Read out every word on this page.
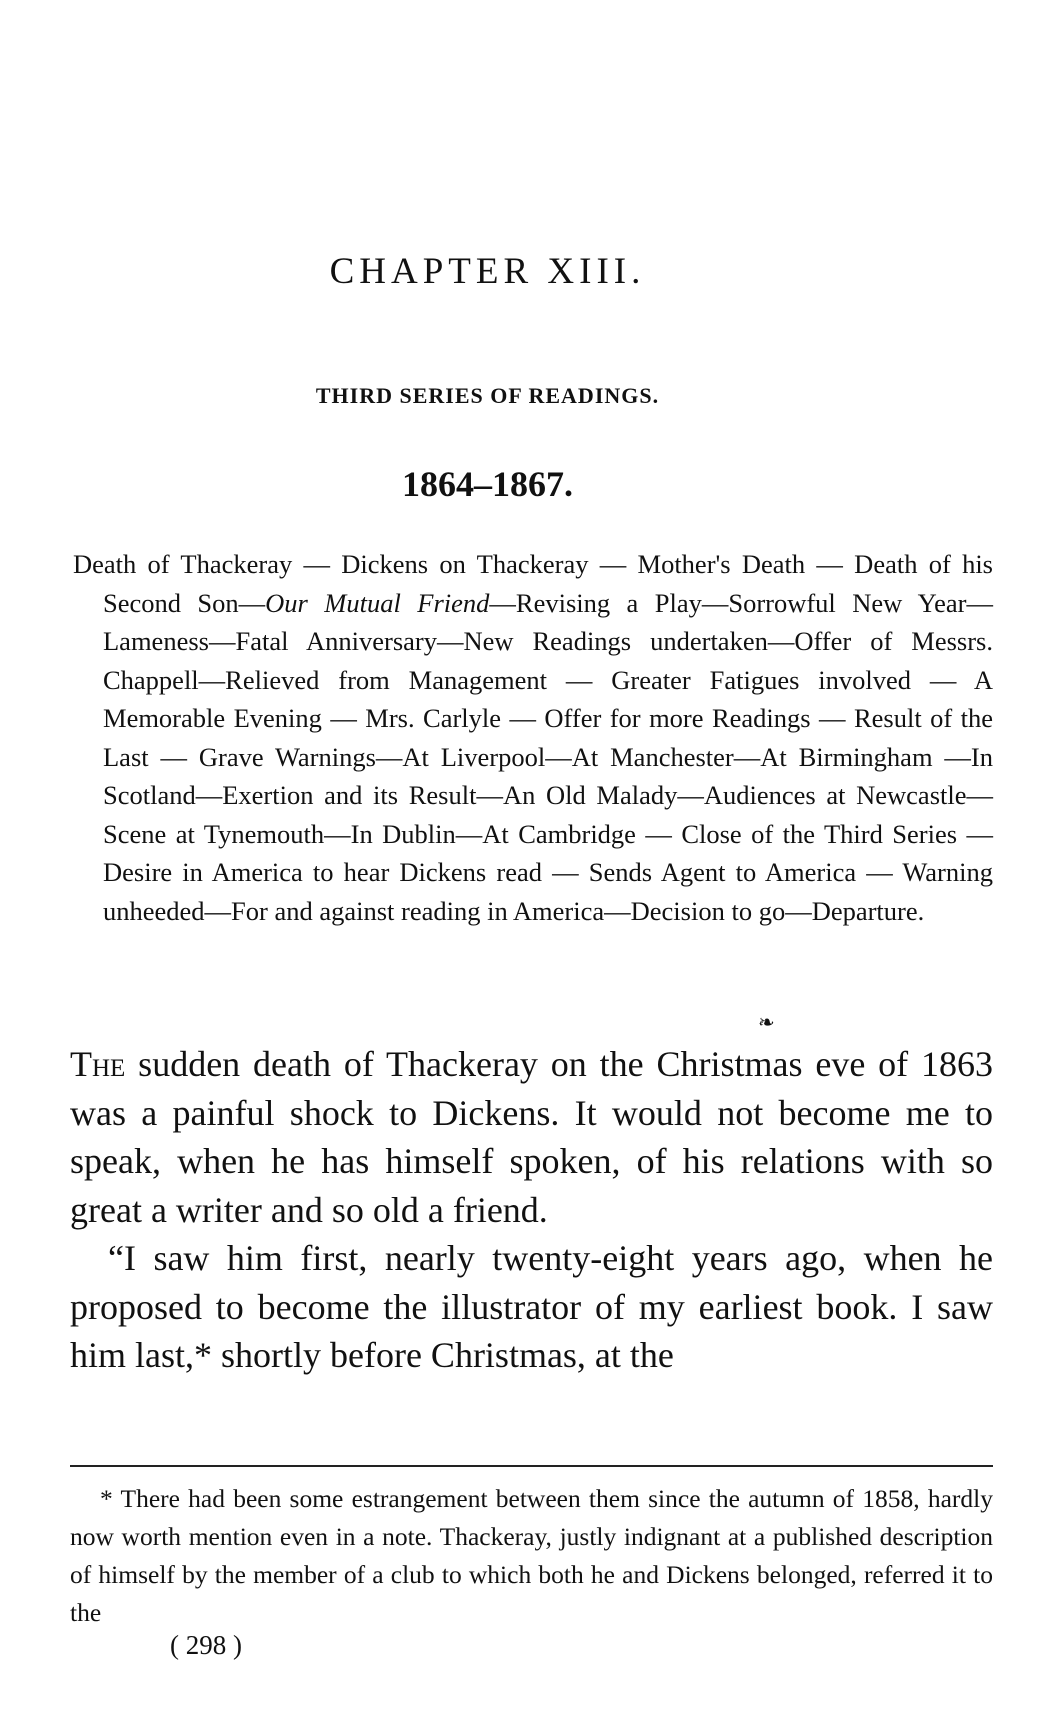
CHAPTER XIII.
THIRD SERIES OF READINGS.
1864–1867.
Death of Thackeray — Dickens on Thackeray — Mother's Death — Death of his Second Son—Our Mutual Friend—Revising a Play—Sorrowful New Year—Lameness—Fatal Anniversary—New Readings undertaken—Offer of Messrs. Chappell—Relieved from Management — Greater Fatigues involved — A Memorable Evening — Mrs. Carlyle — Offer for more Readings — Result of the Last — Grave Warnings—At Liverpool—At Manchester—At Birmingham —In Scotland—Exertion and its Result—An Old Malady—Audiences at Newcastle—Scene at Tynemouth—In Dublin—At Cambridge — Close of the Third Series — Desire in America to hear Dickens read — Sends Agent to America — Warning unheeded—For and against reading in America—Decision to go—Departure.
❧

The sudden death of Thackeray on the Christmas eve of 1863 was a painful shock to Dickens. It would not become me to speak, when he has himself spoken, of his relations with so great a writer and so old a friend.

“I saw him first, nearly twenty-eight years ago, when he proposed to become the illustrator of my earliest book. I saw him last,* shortly before Christmas, at the

* There had been some estrangement between them since the autumn of 1858, hardly now worth mention even in a note. Thackeray, justly indignant at a published description of himself by the member of a club to which both he and Dickens belonged, referred it to the

( 298 )
